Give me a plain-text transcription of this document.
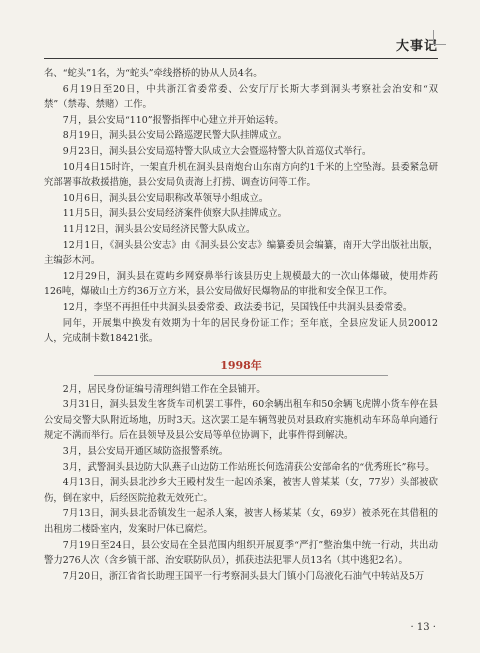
大事记

名、“蛇头”1名，为“蛇头”牵线搭桥的协从人员4名。

6月19日至20日，中共浙江省委常委、公安厅厅长斯大孝到洞头考察社会治安和“双禁”（禁毒、禁赌）工作。

7月，县公安局“110”报警指挥中心建立并开始运转。

8月19日，洞头县公安局公路巡逻民警大队挂牌成立。

9月23日，洞头县公安局巡特警大队成立大会暨巡特警大队首巡仪式举行。

10月4日15时许，一架直升机在洞头县南炮台山东南方向约1千米的上空坠海。县委紧急研究部署事故救援措施，县公安局负责海上打捞、调查访问等工作。

10月6日，洞头县公安局职称改革领导小组成立。

11月5日，洞头县公安局经济案件侦察大队挂牌成立。

11月12日，洞头县公安局经济民警大队成立。

12月1日，《洞头县公安志》由《洞头县公安志》编纂委员会编纂，南开大学出版社出版，主编彭木河。

12月29日，洞头县在霓屿乡网寮鼻举行该县历史上规模最大的一次山体爆破，使用炸药126吨，爆破山土方约36万立方米，县公安局做好民爆物品的审批和安全保卫工作。

12月，李坚不再担任中共洞头县委常委、政法委书记，吴国钱任中共洞头县委常委。

同年，开展集中换发有效期为十年的居民身份证工作；至年底，全县应发证人员20012人，完成制卡数18421张。

1998年

2月，居民身份证编号清理纠错工作在全县铺开。

3月31日，洞头县发生客货车司机罢工事件，60余辆出租车和50余辆飞虎牌小货车停在县公安局交警大队附近场地，历时3天。这次罢工是车辆驾驶员对县政府实施机动车环岛单向通行规定不满而举行。后在县领导及县公安局等单位协调下，此事件得到解决。

3月，县公安局开通区域防盗报警系统。

3月，武警洞头县边防大队燕子山边防工作站班长何选清获公安部命名的“优秀班长”称号。

4月13日，洞头县北沙乡大王殿村发生一起凶杀案，被害人曾某某（女，77岁）头部被砍伤，倒在家中，后经医院抢救无效死亡。

7月13日，洞头县北岙镇发生一起杀人案，被害人杨某某（女，69岁）被杀死在其借租的出租房二楼卧室内，发案时尸体已腐烂。

7月19日至24日，县公安局在全县范围内组织开展夏季“严打”整治集中统一行动，共出动警力276人次（含乡镇干部、治安联防队员），抓获违法犯罪人员13名（其中逃犯2名）。

7月20日，浙江省省长助理王国平一行考察洞头县大门镇小门岛液化石油气中转站及5万

· 13 ·
